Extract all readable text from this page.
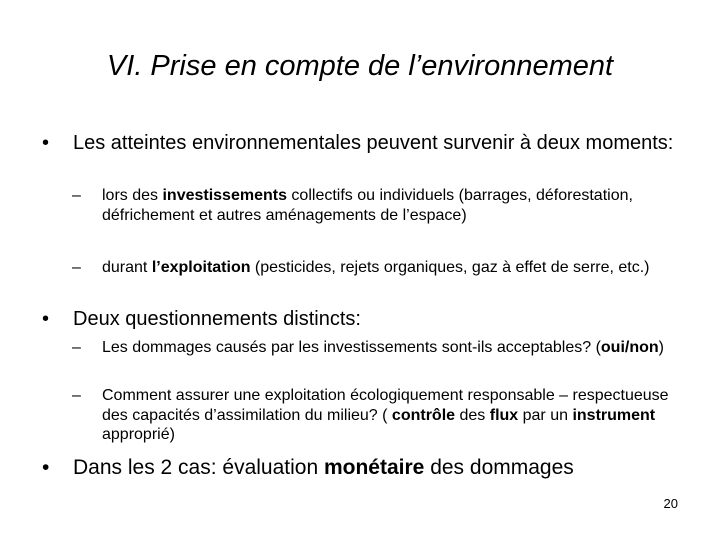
VI. Prise en compte de l’environnement
• Les atteintes environnementales peuvent survenir à deux moments:
– lors des investissements collectifs ou individuels (barrages, déforestation, défrichement et autres aménagements de l’espace)
– durant l’exploitation (pesticides, rejets organiques, gaz à effet de serre, etc.)
• Deux questionnements distincts:
– Les dommages causés par les investissements sont-ils acceptables? (oui/non)
– Comment assurer une exploitation écologiquement responsable – respectueuse des capacités d’assimilation du milieu? ( contrôle des flux par un instrument approprié)
• Dans les 2 cas: évaluation monétaire des dommages
20
